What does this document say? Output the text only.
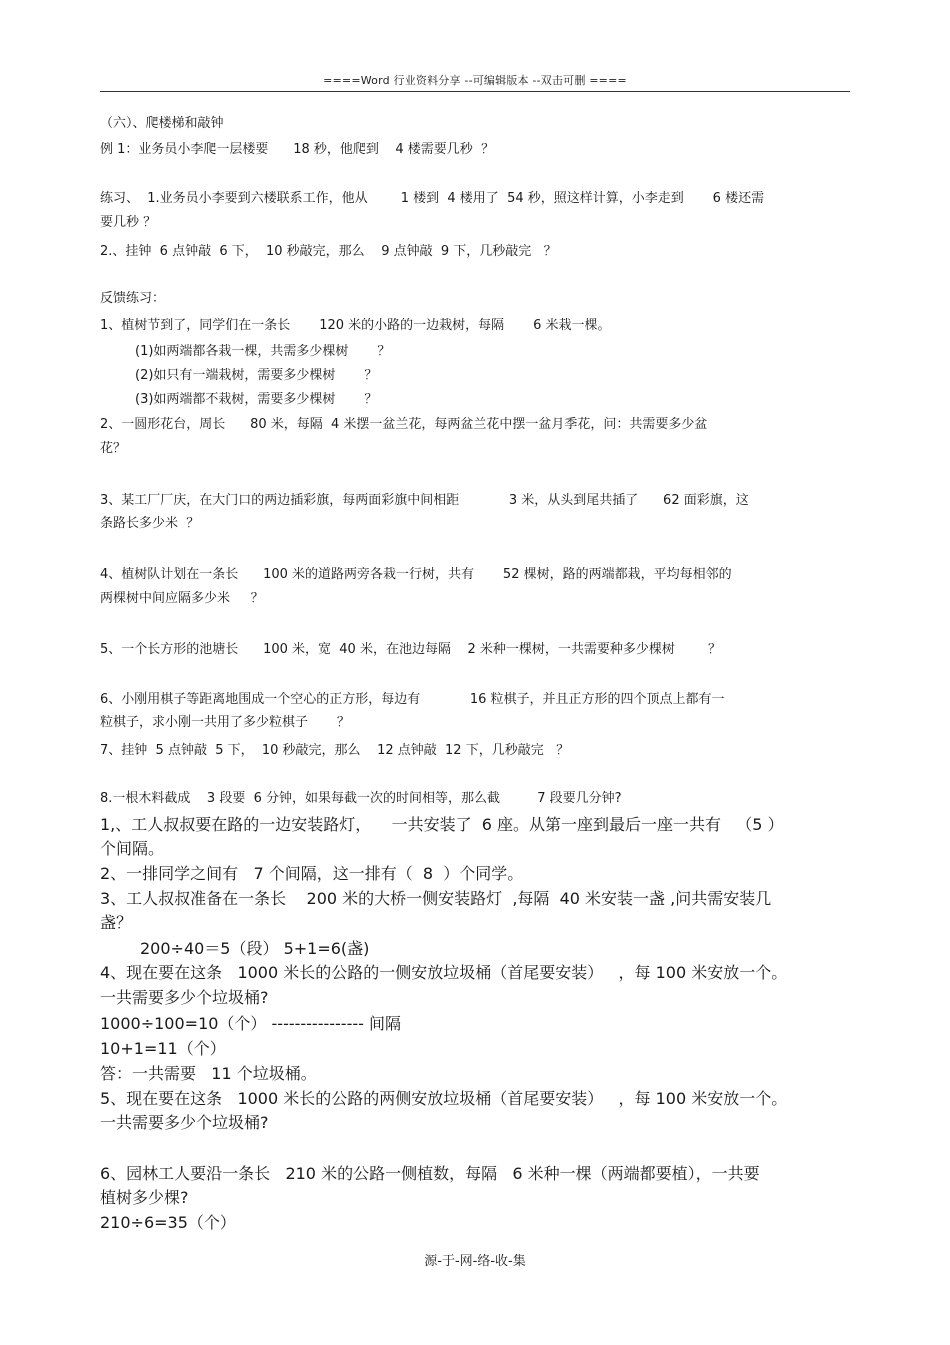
====Word 行业资料分享 --可编辑版本 --双击可删 ====
（六）、爬楼梯和敲钟
例 1：业务员小李爬一层楼要      18 秒，他爬到    4 楼需要几秒  ？
练习、  1.业务员小李要到六楼联系工作，他从        1 楼到  4 楼用了  54 秒，照这样计算，小李走到       6 楼还需
要几秒 ？
2.、挂钟  6 点钟敲  6 下，  10 秒敲完，那么    9 点钟敲  9 下，几秒敲完   ？
反馈练习：
1、植树节到了，同学们在一条长       120 米的小路的一边栽树，每隔       6 米栽一棵。
(1)如两端都各栽一棵，共需多少棵树       ？
(2)如只有一端栽树，需要多少棵树       ？
(3)如两端都不栽树，需要多少棵树       ？
2、一圆形花台，周长      80 米，每隔  4 米摆一盆兰花，每两盆兰花中摆一盆月季花，问：共需要多少盆
花？
3、某工厂厂庆，在大门口的两边插彩旗，每两面彩旗中间相距            3 米，从头到尾共插了      62 面彩旗，这
条路长多少米  ？
4、植树队计划在一条长      100 米的道路两旁各栽一行树，共有       52 棵树，路的两端都栽，平均每相邻的
两棵树中间应隔多少米     ？
5、一个长方形的池塘长      100 米，宽  40 米，在池边每隔    2 米种一棵树，一共需要种多少棵树        ？
6、小刚用棋子等距离地围成一个空心的正方形，每边有            16 粒棋子，并且正方形的四个顶点上都有一
粒棋子，求小刚一共用了多少粒棋子       ？
7、挂钟  5 点钟敲  5 下，  10 秒敲完，那么    12 点钟敲  12 下，几秒敲完   ？
8.一根木料截成    3 段要  6 分钟，如果每截一次的时间相等，那么截         7 段要几分钟?
1,、工人叔叔要在路的一边安装路灯，    一共安装了  6 座。从第一座到最后一座一共有   （5 ）
个间隔。
2、一排同学之间有   7 个间隔，这一排有（  8  ）个同学。
3、工人叔叔准备在一条长    200 米的大桥一侧安装路灯  ,每隔  40 米安装一盏 ,问共需安装几
盏？
200÷40＝5（段） 5+1=6(盏)
4、现在要在这条   1000 米长的公路的一侧安放垃圾桶（首尾要安装）   ，每 100 米安放一个。
一共需要多少个垃圾桶?
1000÷100=10（个） ---------------- 间隔
10+1=11（个）
答：一共需要   11 个垃圾桶。
5、现在要在这条   1000 米长的公路的两侧安放垃圾桶（首尾要安装）   ，每 100 米安放一个。
一共需要多少个垃圾桶?
6、园林工人要沿一条长   210 米的公路一侧植数，每隔   6 米种一棵（两端都要植），一共要
植树多少棵?
210÷6=35（个）
源-于-网-络-收-集
